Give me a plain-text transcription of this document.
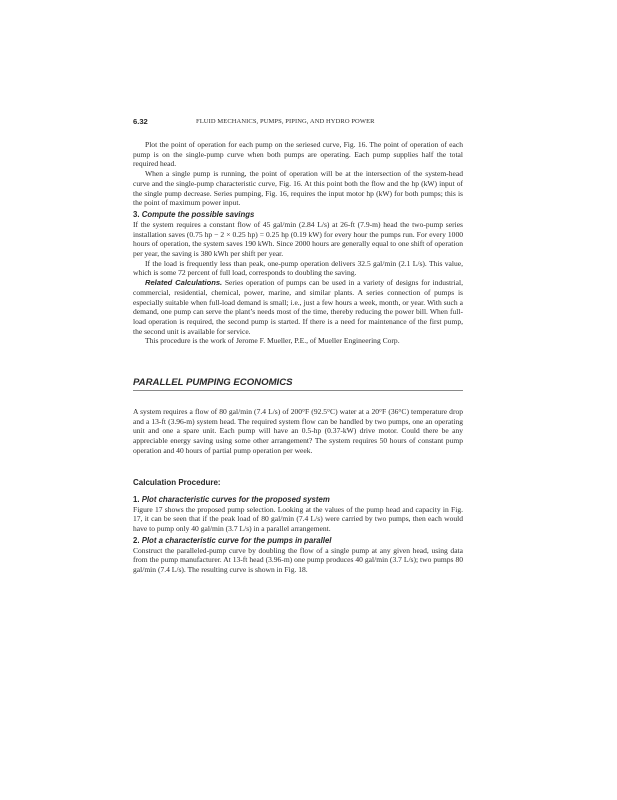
6.32	FLUID MECHANICS, PUMPS, PIPING, AND HYDRO POWER

Plot the point of operation for each pump on the seriesed curve, Fig. 16. The point of operation of each pump is on the single-pump curve when both pumps are operating. Each pump supplies half the total required head.

When a single pump is running, the point of operation will be at the intersection of the system-head curve and the single-pump characteristic curve, Fig. 16. At this point both the flow and the hp (kW) input of the single pump decrease. Series pumping, Fig. 16, requires the input motor hp (kW) for both pumps; this is the point of maximum power input.

3. Compute the possible savings

If the system requires a constant flow of 45 gal/min (2.84 L/s) at 26-ft (7.9-m) head the two-pump series installation saves (0.75 hp − 2 × 0.25 hp) = 0.25 hp (0.19 kW) for every hour the pumps run. For every 1000 hours of operation, the system saves 190 kWh. Since 2000 hours are generally equal to one shift of operation per year, the saving is 380 kWh per shift per year.

If the load is frequently less than peak, one-pump operation delivers 32.5 gal/min (2.1 L/s). This value, which is some 72 percent of full load, corresponds to doubling the saving.

Related Calculations. Series operation of pumps can be used in a variety of designs for industrial, commercial, residential, chemical, power, marine, and similar plants. A series connection of pumps is especially suitable when full-load demand is small; i.e., just a few hours a week, month, or year. With such a demand, one pump can serve the plant’s needs most of the time, thereby reducing the power bill. When full-load operation is required, the second pump is started. If there is a need for maintenance of the first pump, the second unit is available for service.

This procedure is the work of Jerome F. Mueller, P.E., of Mueller Engineering Corp.

PARALLEL PUMPING ECONOMICS

A system requires a flow of 80 gal/min (7.4 L/s) of 200°F (92.5°C) water at a 20°F (36°C) temperature drop and a 13-ft (3.96-m) system head. The required system flow can be handled by two pumps, one an operating unit and one a spare unit. Each pump will have an 0.5-hp (0.37-kW) drive motor. Could there be any appreciable energy saving using some other arrangement? The system requires 50 hours of constant pump operation and 40 hours of partial pump operation per week.

Calculation Procedure:
1. Plot characteristic curves for the proposed system

Figure 17 shows the proposed pump selection. Looking at the values of the pump head and capacity in Fig. 17, it can be seen that if the peak load of 80 gal/min (7.4 L/s) were carried by two pumps, then each would have to pump only 40 gal/min (3.7 L/s) in a parallel arrangement.

2. Plot a characteristic curve for the pumps in parallel

Construct the paralleled-pump curve by doubling the flow of a single pump at any given head, using data from the pump manufacturer. At 13-ft head (3.96-m) one pump produces 40 gal/min (3.7 L/s); two pumps 80 gal/min (7.4 L/s). The resulting curve is shown in Fig. 18.
